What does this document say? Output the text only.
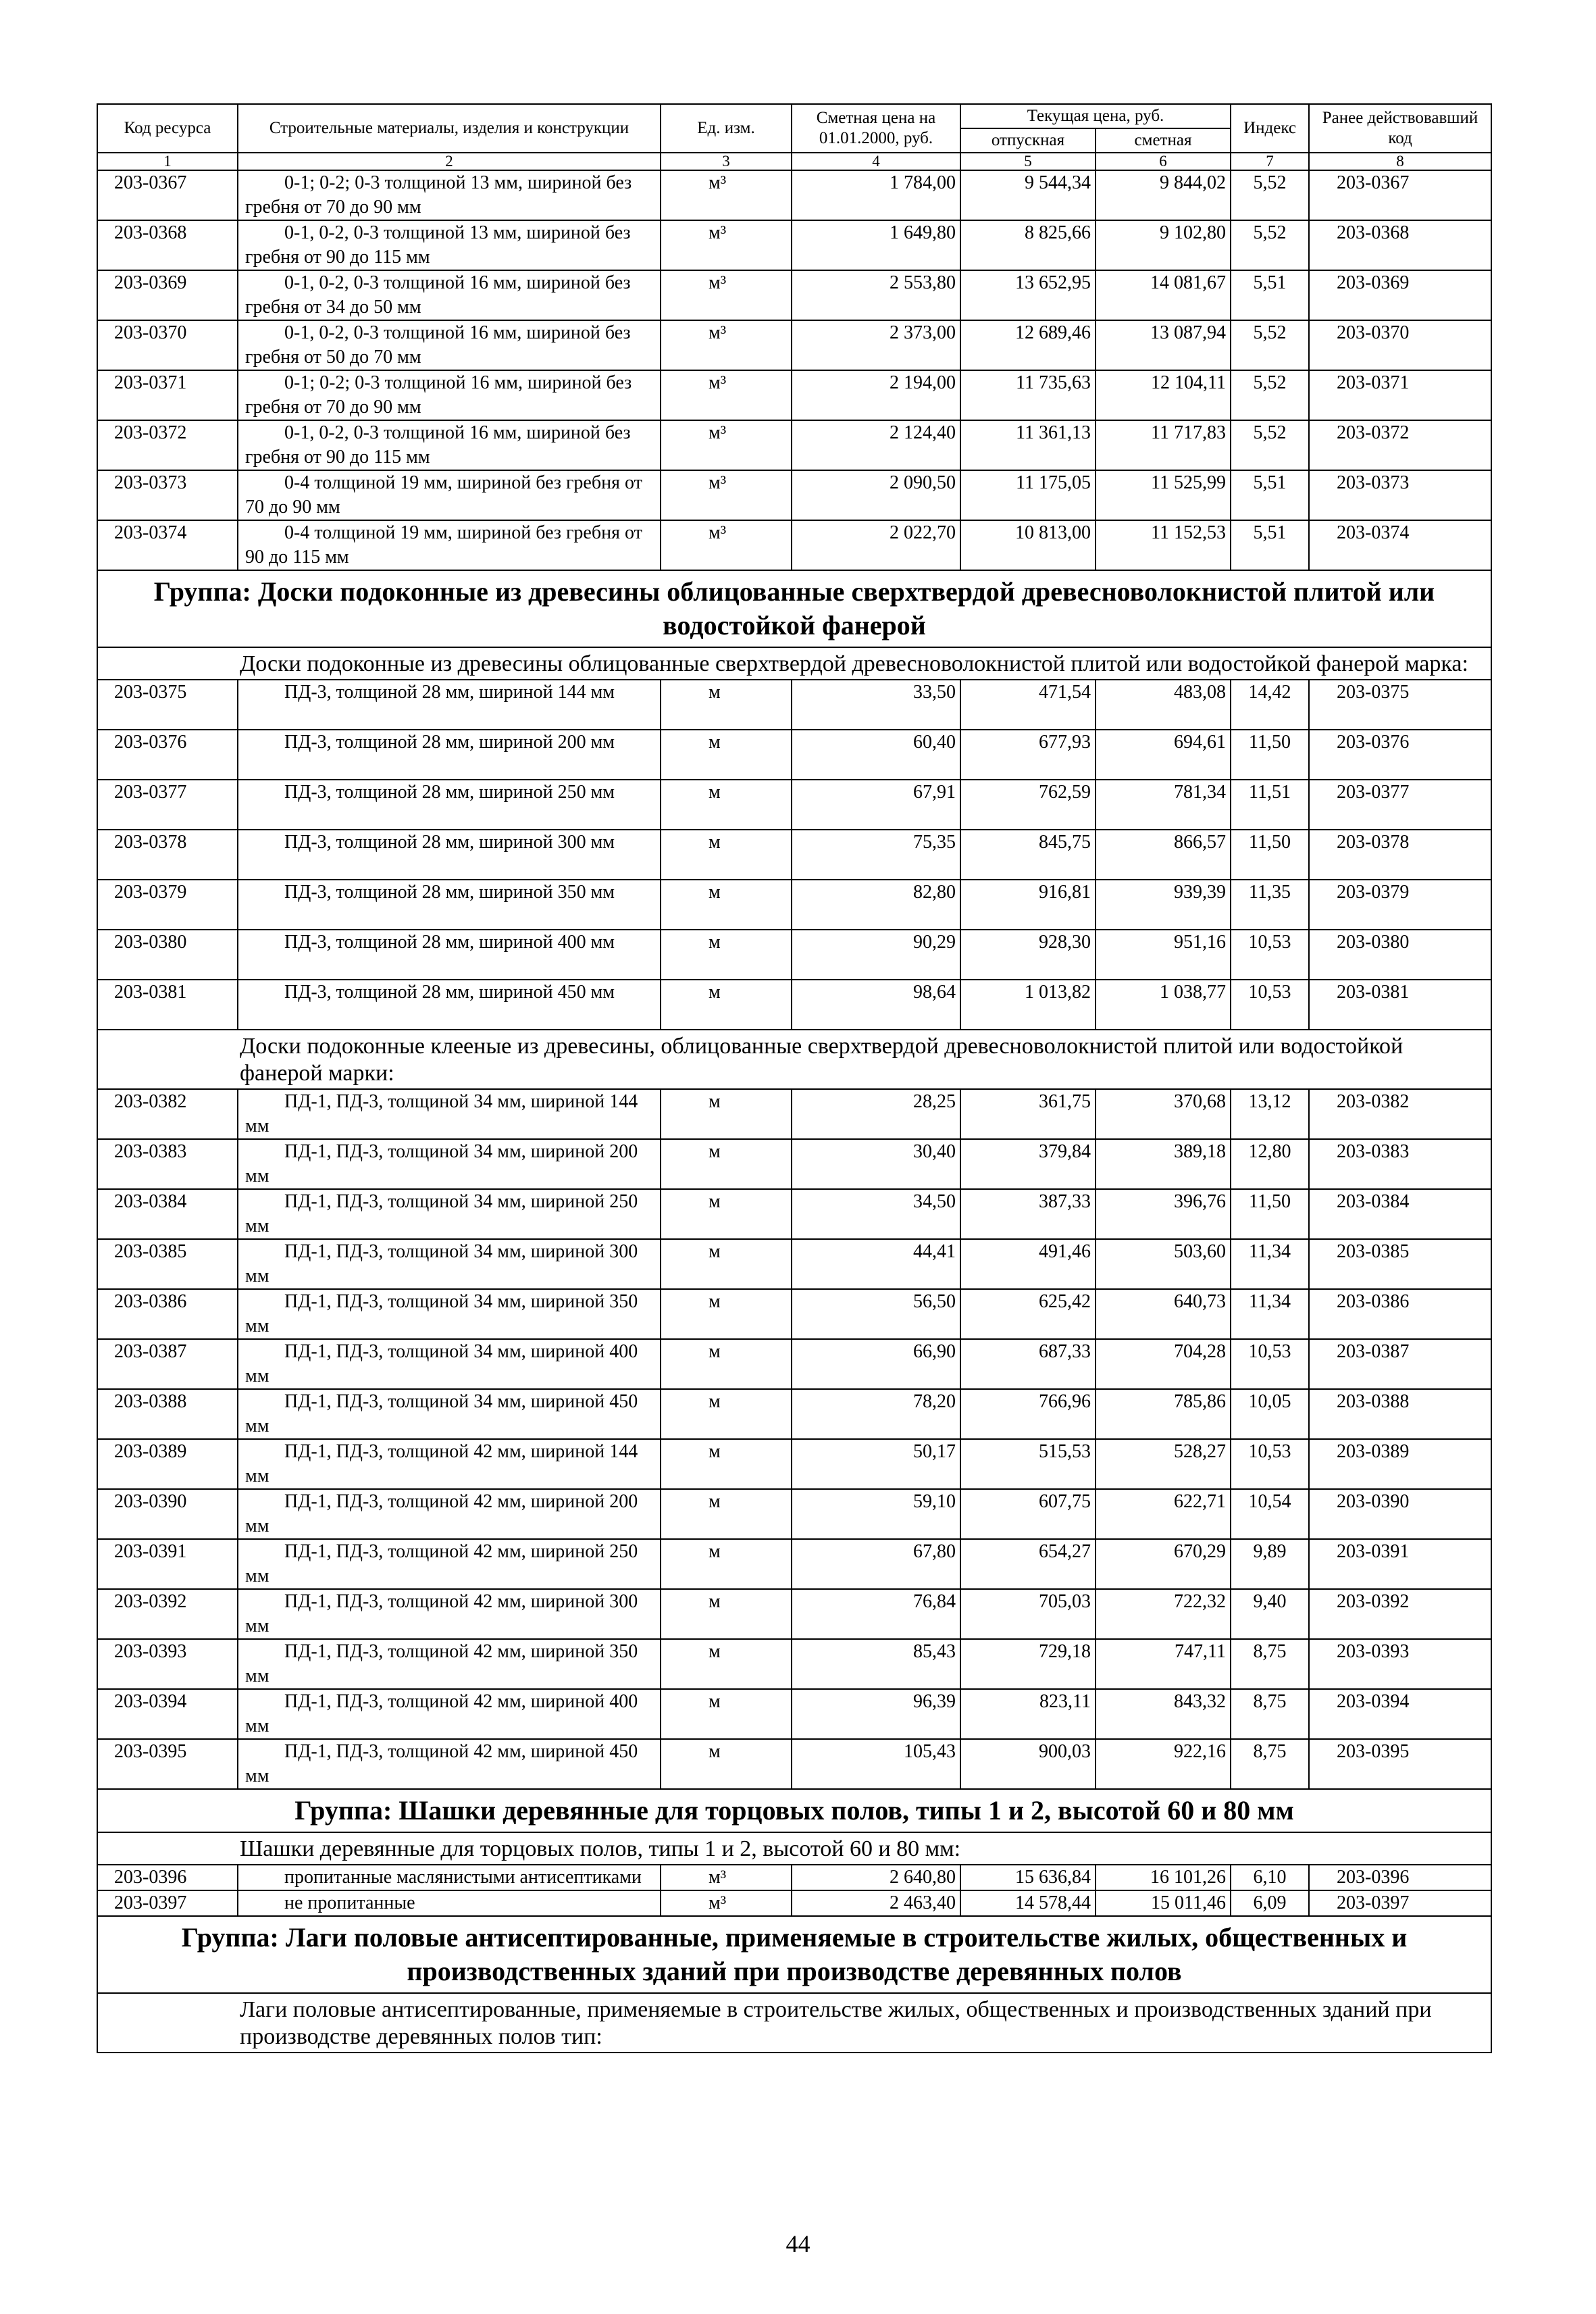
Код ресурса	Строительные материалы, изделия и конструкции	Ед. изм.	Сметная цена на 01.01.2000, руб.	Текущая цена, руб.		Индекс	Ранее действовавший код
				отпускная	сметная		
1	2	3	4	5	6	7	8
203-0367	0-1; 0-2; 0-3 толщиной 13 мм, шириной без гребня от 70 до 90 мм	м³	1 784,00	9 544,34	9 844,02	5,52	203-0367
203-0368	0-1, 0-2, 0-3 толщиной 13 мм, шириной без гребня от 90 до 115 мм	м³	1 649,80	8 825,66	9 102,80	5,52	203-0368
203-0369	0-1, 0-2, 0-3 толщиной 16 мм, шириной без гребня от 34 до 50 мм	м³	2 553,80	13 652,95	14 081,67	5,51	203-0369
203-0370	0-1, 0-2, 0-3 толщиной 16 мм, шириной без гребня от 50 до 70 мм	м³	2 373,00	12 689,46	13 087,94	5,52	203-0370
203-0371	0-1; 0-2; 0-3 толщиной 16 мм, шириной без гребня от 70 до 90 мм	м³	2 194,00	11 735,63	12 104,11	5,52	203-0371
203-0372	0-1, 0-2, 0-3 толщиной 16 мм, шириной без гребня от 90 до 115 мм	м³	2 124,40	11 361,13	11 717,83	5,52	203-0372
203-0373	0-4 толщиной 19 мм, шириной без гребня от 70 до 90 мм	м³	2 090,50	11 175,05	11 525,99	5,51	203-0373
203-0374	0-4 толщиной 19 мм, шириной без гребня от 90 до 115 мм	м³	2 022,70	10 813,00	11 152,53	5,51	203-0374
Группа: Доски подоконные из древесины облицованные сверхтвердой древесноволокнистой плитой или водостойкой фанерой							
Доски подоконные из древесины облицованные сверхтвердой древесноволокнистой плитой или водостойкой фанерой марка:							
203-0375	ПД-3, толщиной 28 мм, шириной 144 мм	м	33,50	471,54	483,08	14,42	203-0375
203-0376	ПД-3, толщиной 28 мм, шириной 200 мм	м	60,40	677,93	694,61	11,50	203-0376
203-0377	ПД-3, толщиной 28 мм, шириной 250 мм	м	67,91	762,59	781,34	11,51	203-0377
203-0378	ПД-3, толщиной 28 мм, шириной 300 мм	м	75,35	845,75	866,57	11,50	203-0378
203-0379	ПД-3, толщиной 28 мм, шириной 350 мм	м	82,80	916,81	939,39	11,35	203-0379
203-0380	ПД-3, толщиной 28 мм, шириной 400 мм	м	90,29	928,30	951,16	10,53	203-0380
203-0381	ПД-3, толщиной 28 мм, шириной 450 мм	м	98,64	1 013,82	1 038,77	10,53	203-0381
Доски подоконные клееные из древесины, облицованные сверхтвердой древесноволокнистой плитой или водостойкой фанерой марки:							
203-0382	ПД-1, ПД-3, толщиной 34 мм, шириной 144 мм	м	28,25	361,75	370,68	13,12	203-0382
203-0383	ПД-1, ПД-3, толщиной 34 мм, шириной 200 мм	м	30,40	379,84	389,18	12,80	203-0383
203-0384	ПД-1, ПД-3, толщиной 34 мм, шириной 250 мм	м	34,50	387,33	396,76	11,50	203-0384
203-0385	ПД-1, ПД-3, толщиной 34 мм, шириной 300 мм	м	44,41	491,46	503,60	11,34	203-0385
203-0386	ПД-1, ПД-3, толщиной 34 мм, шириной 350 мм	м	56,50	625,42	640,73	11,34	203-0386
203-0387	ПД-1, ПД-3, толщиной 34 мм, шириной 400 мм	м	66,90	687,33	704,28	10,53	203-0387
203-0388	ПД-1, ПД-3, толщиной 34 мм, шириной 450 мм	м	78,20	766,96	785,86	10,05	203-0388
203-0389	ПД-1, ПД-3, толщиной 42 мм, шириной 144 мм	м	50,17	515,53	528,27	10,53	203-0389
203-0390	ПД-1, ПД-3, толщиной 42 мм, шириной 200 мм	м	59,10	607,75	622,71	10,54	203-0390
203-0391	ПД-1, ПД-3, толщиной 42 мм, шириной 250 мм	м	67,80	654,27	670,29	9,89	203-0391
203-0392	ПД-1, ПД-3, толщиной 42 мм, шириной 300 мм	м	76,84	705,03	722,32	9,40	203-0392
203-0393	ПД-1, ПД-3, толщиной 42 мм, шириной 350 мм	м	85,43	729,18	747,11	8,75	203-0393
203-0394	ПД-1, ПД-3, толщиной 42 мм, шириной 400 мм	м	96,39	823,11	843,32	8,75	203-0394
203-0395	ПД-1, ПД-3, толщиной 42 мм, шириной 450 мм	м	105,43	900,03	922,16	8,75	203-0395
Группа: Шашки деревянные для торцовых полов, типы 1 и 2, высотой 60 и 80 мм							
Шашки деревянные для торцовых полов, типы 1 и 2, высотой 60 и 80 мм:							
203-0396	пропитанные маслянистыми антисептиками	м³	2 640,80	15 636,84	16 101,26	6,10	203-0396
203-0397	не пропитанные	м³	2 463,40	14 578,44	15 011,46	6,09	203-0397
Группа: Лаги половые антисептированные, применяемые в строительстве жилых, общественных и производственных зданий при производстве деревянных полов							
Лаги половые антисептированные, применяемые в строительстве жилых, общественных и производственных зданий при производстве деревянных полов тип:							
44
